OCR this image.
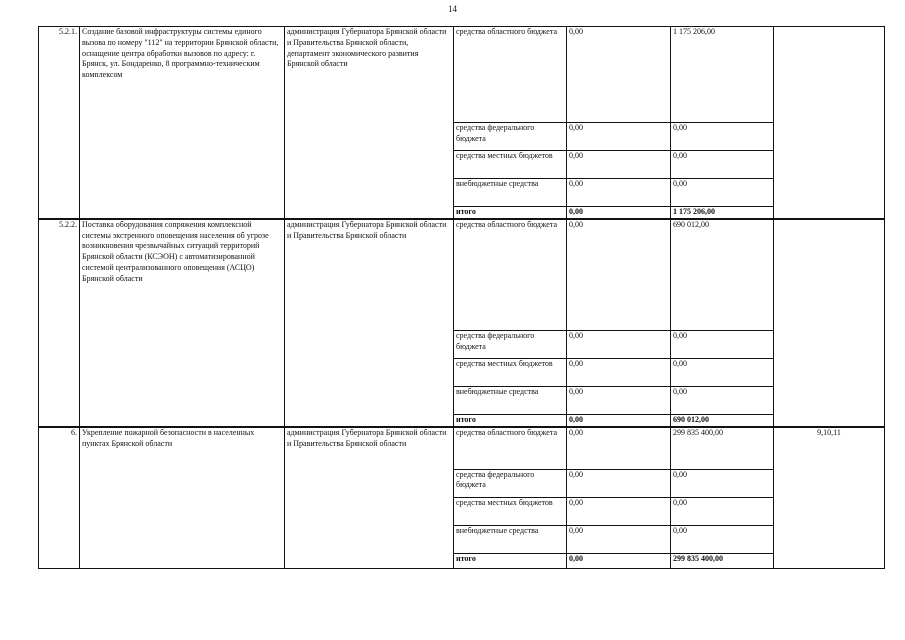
14
5.2.1.	Создание базовой инфраструктуры системы единого вызова по номеру "112" на территории Брянской области, оснащение центра обработки вызовов по адресу: г. Брянск, ул. Бондаренко, 8 программно-техническим комплексом	администрация Губернатора Брянской области и Правительства Брянской области, департамент экономического развития Брянской области	средства областного бюджета	0,00	1 175 206,00	
			средства федерального бюджета	0,00	0,00	
			средства местных бюджетов	0,00	0,00	
			внебюджетные средства	0,00	0,00	
			итого	0,00	1 175 206,00	
5.2.2.	Поставка оборудования сопряжения комплексной системы экстренного оповещения населения об угрозе возникновения чрезвычайных ситуаций территорий Брянской области (КСЭОН) с автоматизированной системой централизованного оповещения (АСЦО) Брянской области	администрация Губернатора Брянской области и Правительства Брянской области	средства областного бюджета	0,00	690 012,00	
			средства федерального бюджета	0,00	0,00	
			средства местных бюджетов	0,00	0,00	
			внебюджетные средства	0,00	0,00	
			итого	0,00	690 012,00	
6.	Укрепление пожарной безопасности в населенных пунктах Брянской области	администрация Губернатора Брянской области и Правительства Брянской области	средства областного бюджета	0,00	299 835 400,00	9,10,11
			средства федерального бюджета	0,00	0,00	
			средства местных бюджетов	0,00	0,00	
			внебюджетные средства	0,00	0,00	
			итого	0,00	299 835 400,00	
